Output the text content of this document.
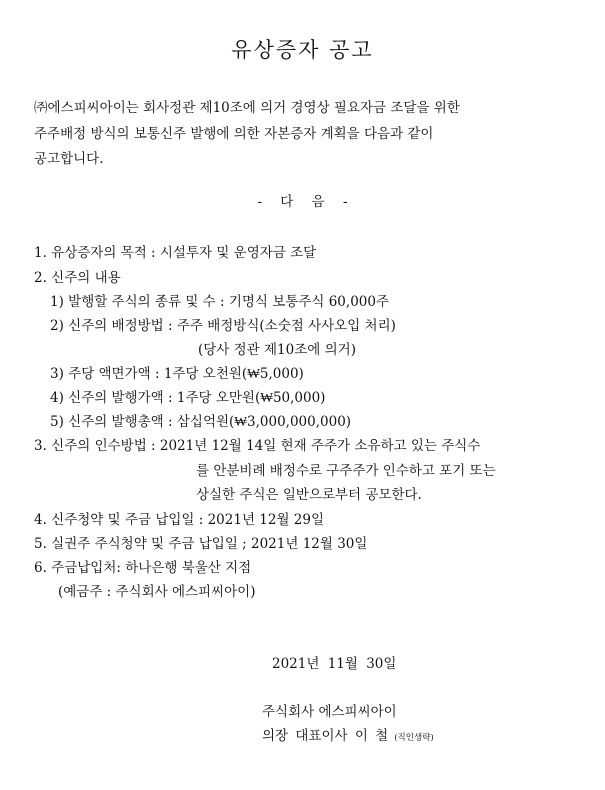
유상증자 공고
㈜에스피씨아이는 회사정관 제10조에 의거 경영상 필요자금 조달을 위한
주주배정 방식의 보통신주 발행에 의한 자본증자 계획을 다음과 같이
공고합니다.
- 다 음 -
1. 유상증자의 목적 : 시설투자 및 운영자금 조달
2. 신주의 내용
1) 발행할 주식의 종류 및 수 : 기명식 보통주식 60,000주
2) 신주의 배정방법 : 주주 배정방식(소숫점 사사오입 처리)
(당사 정관 제10조에 의거)
3) 주당 액면가액 : 1주당 오천원(₩5,000)
4) 신주의 발행가액 : 1주당 오만원(₩50,000)
5) 신주의 발행총액 : 삼십억원(₩3,000,000,000)
3. 신주의 인수방법 : 2021년 12월 14일 현재 주주가 소유하고 있는 주식수
를 안분비례 배정수로 구주주가 인수하고 포기 또는
상실한 주식은 일반으로부터 공모한다.
4. 신주청약 및 주금 납입일 : 2021년 12월 29일
5. 실권주 주식청약 및 주금 납입일 ; 2021년 12월 30일
6. 주금납입처: 하나은행 북울산 지점
(예금주 : 주식회사 에스피씨아이)
2021년 11월 30일
주식회사 에스피씨아이
의장 대표이사 이 철 (직인생략)
